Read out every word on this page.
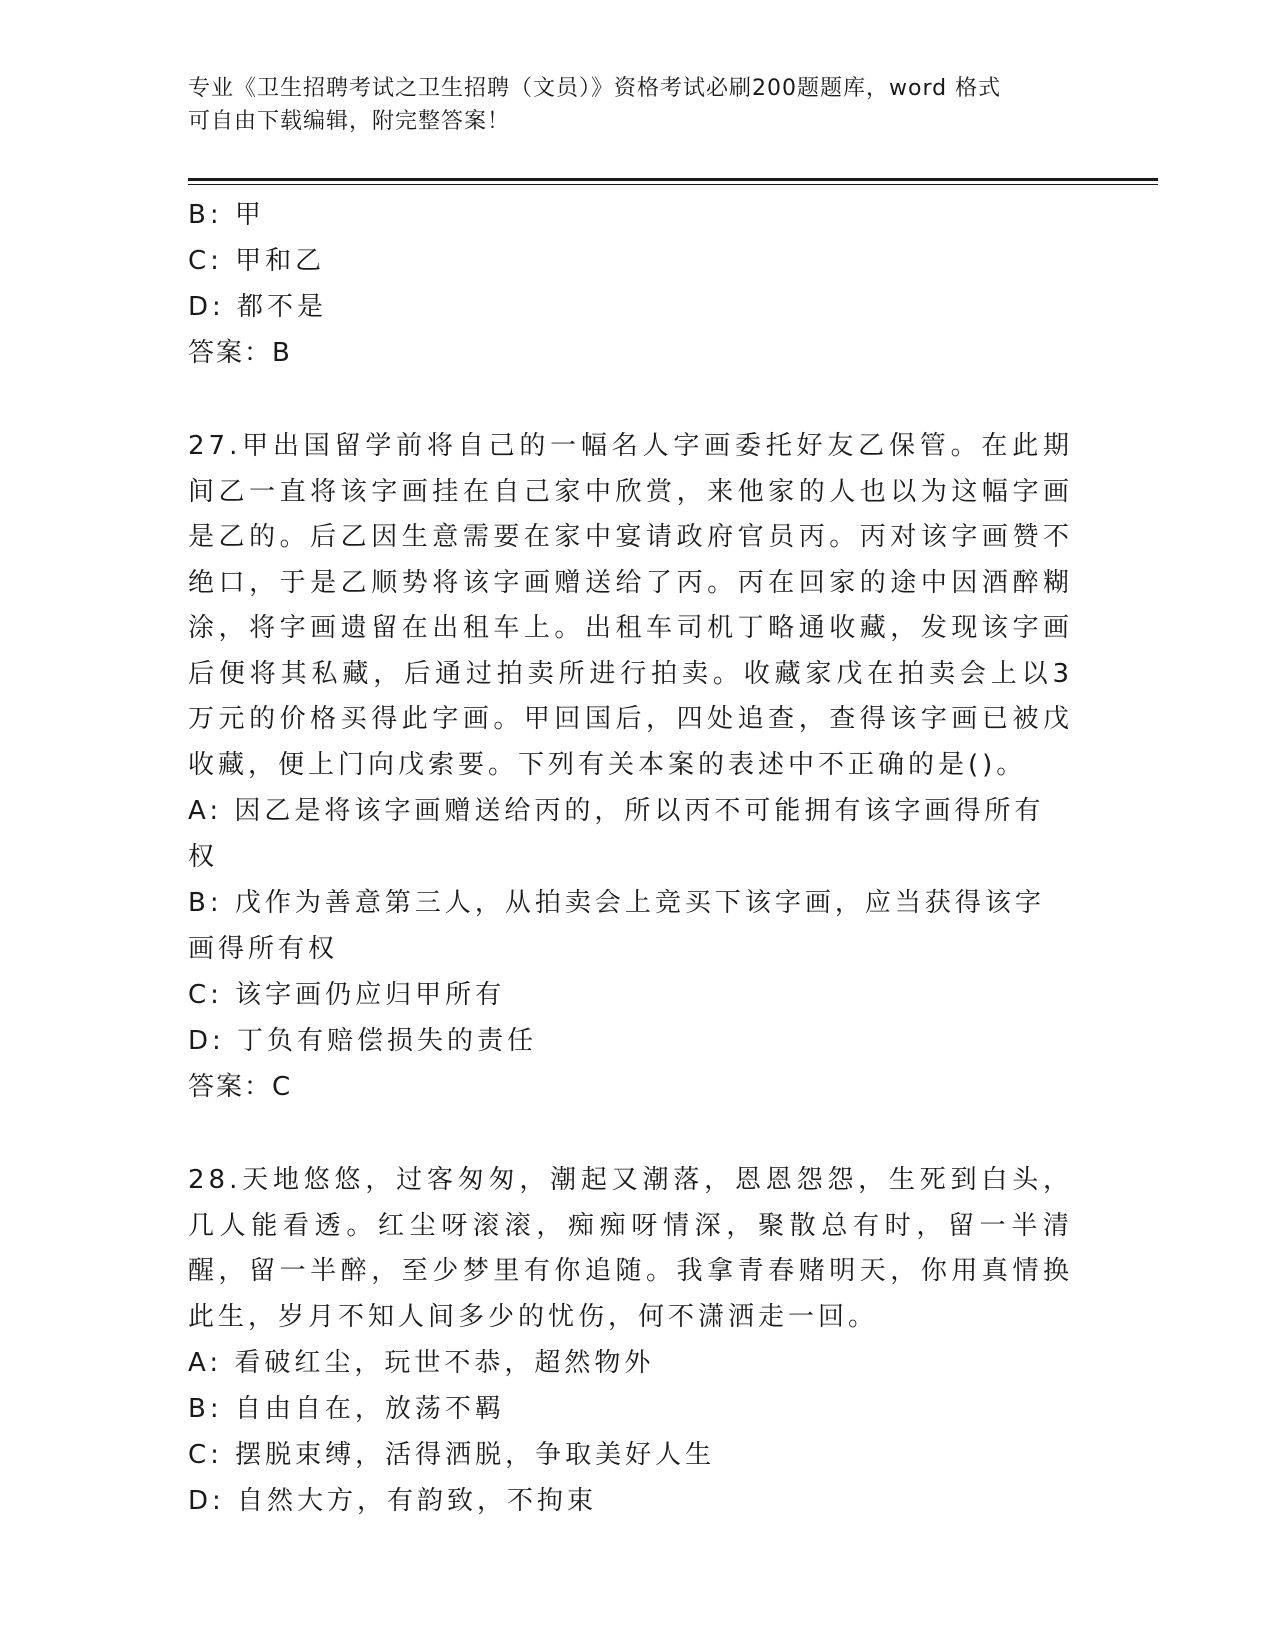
专业《卫生招聘考试之卫生招聘（文员）》资格考试必刷200题题库，word 格式
可自由下载编辑，附完整答案！

B: 甲

C: 甲和乙

D: 都不是

答案：B

27.甲出国留学前将自己的一幅名人字画委托好友乙保管。在此期间乙一直将该字画挂在自己家中欣赏，来他家的人也以为这幅字画是乙的。后乙因生意需要在家中宴请政府官员丙。丙对该字画赞不绝口，于是乙顺势将该字画赠送给了丙。丙在回家的途中因酒醉糊涂，将字画遗留在出租车上。出租车司机丁略通收藏，发现该字画后便将其私藏，后通过拍卖所进行拍卖。收藏家戊在拍卖会上以3万元的价格买得此字画。甲回国后，四处追查，查得该字画已被戊收藏，便上门向戊索要。下列有关本案的表述中不正确的是()。

A: 因乙是将该字画赠送给丙的，所以丙不可能拥有该字画得所有权

B: 戊作为善意第三人，从拍卖会上竞买下该字画，应当获得该字画得所有权

C: 该字画仍应归甲所有

D: 丁负有赔偿损失的责任

答案：C

28.天地悠悠，过客匆匆，潮起又潮落，恩恩怨怨，生死到白头，几人能看透。红尘呀滚滚，痴痴呀情深，聚散总有时，留一半清醒，留一半醉，至少梦里有你追随。我拿青春赌明天，你用真情换此生，岁月不知人间多少的忧伤，何不潇洒走一回。

A: 看破红尘，玩世不恭，超然物外

B: 自由自在，放荡不羁

C: 摆脱束缚，活得洒脱，争取美好人生

D: 自然大方，有韵致，不拘束
